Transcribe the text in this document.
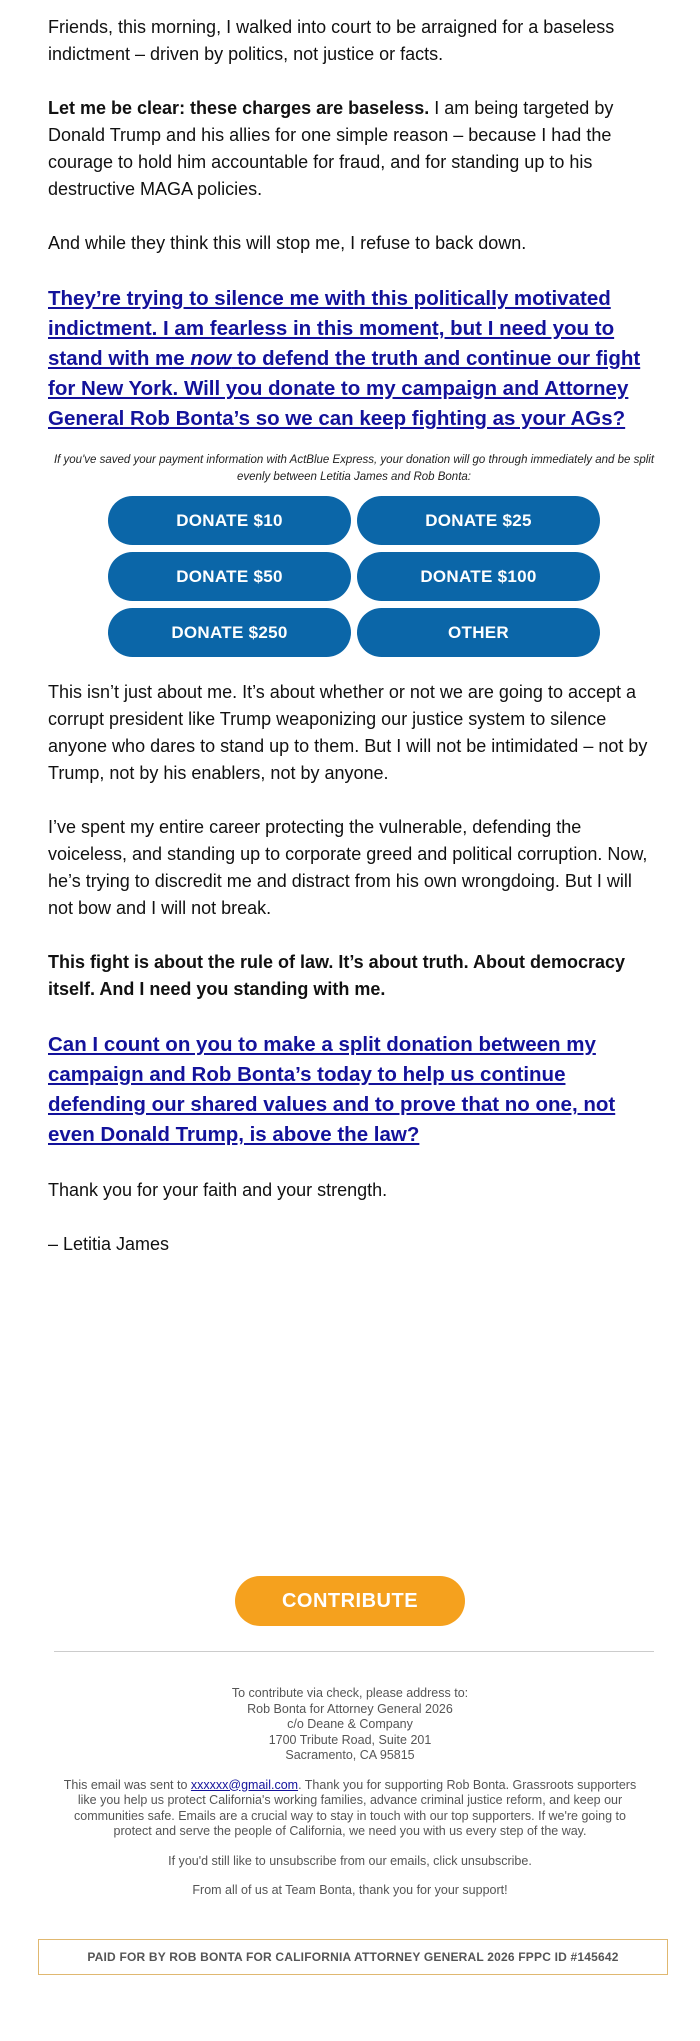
Friends, this morning, I walked into court to be arraigned for a baseless indictment – driven by politics, not justice or facts.

Let me be clear: these charges are baseless. I am being targeted by Donald Trump and his allies for one simple reason – because I had the courage to hold him accountable for fraud, and for standing up to his destructive MAGA policies.

And while they think this will stop me, I refuse to back down.

They’re trying to silence me with this politically motivated indictment. I am fearless in this moment, but I need you to stand with me now to defend the truth and continue our fight for New York. Will you donate to my campaign and Attorney General Rob Bonta’s so we can keep fighting as your AGs?

If you've saved your payment information with ActBlue Express, your donation will go through immediately and be split evenly between Letitia James and Rob Bonta:

DONATE $10	DONATE $25
DONATE $50	DONATE $100
DONATE $250	OTHER

This isn’t just about me. It’s about whether or not we are going to accept a corrupt president like Trump weaponizing our justice system to silence anyone who dares to stand up to them. But I will not be intimidated – not by Trump, not by his enablers, not by anyone.

I’ve spent my entire career protecting the vulnerable, defending the voiceless, and standing up to corporate greed and political corruption. Now, he’s trying to discredit me and distract from his own wrongdoing. But I will not bow and I will not break.

This fight is about the rule of law. It’s about truth. About democracy itself. And I need you standing with me.

Can I count on you to make a split donation between my campaign and Rob Bonta’s today to help us continue defending our shared values and to prove that no one, not even Donald Trump, is above the law?

Thank you for your faith and your strength.

– Letitia James

CONTRIBUTE
To contribute via check, please address to:
Rob Bonta for Attorney General 2026
c/o Deane & Company
1700 Tribute Road, Suite 201
Sacramento, CA 95815

This email was sent to xxxxxx@gmail.com. Thank you for supporting Rob Bonta. Grassroots supporters like you help us protect California's working families, advance criminal justice reform, and keep our communities safe. Emails are a crucial way to stay in touch with our top supporters. If we're going to protect and serve the people of California, we need you with us every step of the way.

If you'd still like to unsubscribe from our emails, click unsubscribe.

From all of us at Team Bonta, thank you for your support!

PAID FOR BY ROB BONTA FOR CALIFORNIA ATTORNEY GENERAL 2026 FPPC ID #145642
